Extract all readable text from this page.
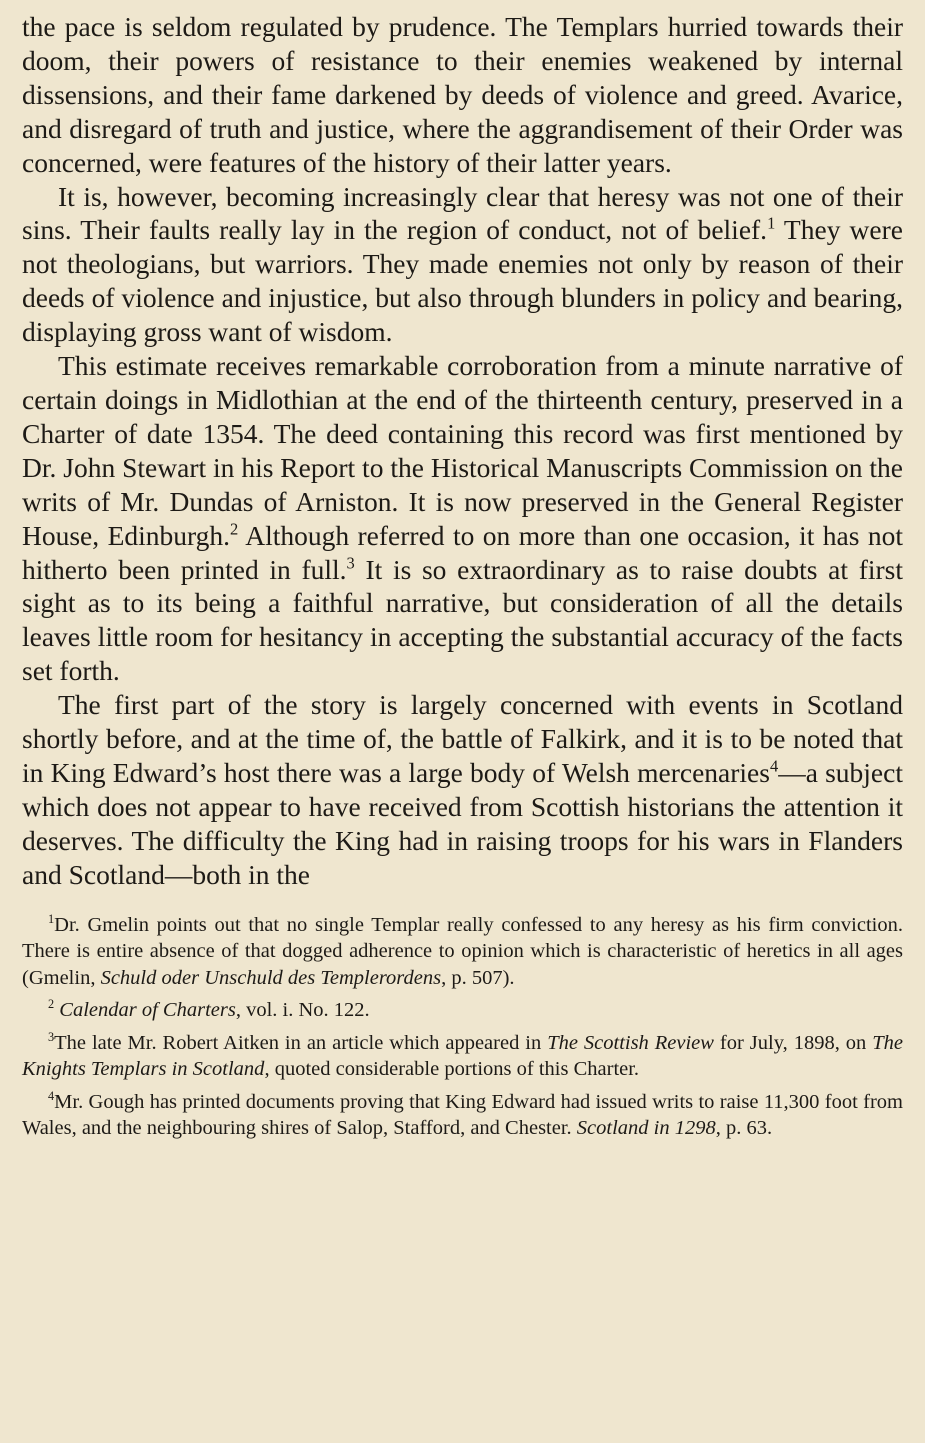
the pace is seldom regulated by prudence. The Templars hurried towards their doom, their powers of resistance to their enemies weakened by internal dissensions, and their fame darkened by deeds of violence and greed. Avarice, and disregard of truth and justice, where the aggrandisement of their Order was concerned, were features of the history of their latter years.

It is, however, becoming increasingly clear that heresy was not one of their sins. Their faults really lay in the region of conduct, not of belief.$^1$ They were not theologians, but warriors. They made enemies not only by reason of their deeds of violence and injustice, but also through blunders in policy and bearing, displaying gross want of wisdom.

This estimate receives remarkable corroboration from a minute narrative of certain doings in Midlothian at the end of the thirteenth century, preserved in a Charter of date 1354. The deed containing this record was first mentioned by Dr. John Stewart in his Report to the Historical Manuscripts Commission on the writs of Mr. Dundas of Arniston. It is now preserved in the General Register House, Edinburgh.$^2$ Although referred to on more than one occasion, it has not hitherto been printed in full.$^3$ It is so extraordinary as to raise doubts at first sight as to its being a faithful narrative, but consideration of all the details leaves little room for hesitancy in accepting the substantial accuracy of the facts set forth.

The first part of the story is largely concerned with events in Scotland shortly before, and at the time of, the battle of Falkirk, and it is to be noted that in King Edward’s host there was a large body of Welsh mercenaries$^4$—a subject which does not appear to have received from Scottish historians the attention it deserves. The difficulty the King had in raising troops for his wars in Flanders and Scotland—both in the

$^1$Dr. Gmelin points out that no single Templar really confessed to any heresy as his firm conviction. There is entire absence of that dogged adherence to opinion which is characteristic of heretics in all ages (Gmelin, Schuld oder Unschuld des Templerordens, p. 507).

$^2$ Calendar of Charters, vol. i. No. 122.

$^3$The late Mr. Robert Aitken in an article which appeared in The Scottish Review for July, 1898, on The Knights Templars in Scotland, quoted considerable portions of this Charter.

$^4$Mr. Gough has printed documents proving that King Edward had issued writs to raise 11,300 foot from Wales, and the neighbouring shires of Salop, Stafford, and Chester. Scotland in 1298, p. 63.
